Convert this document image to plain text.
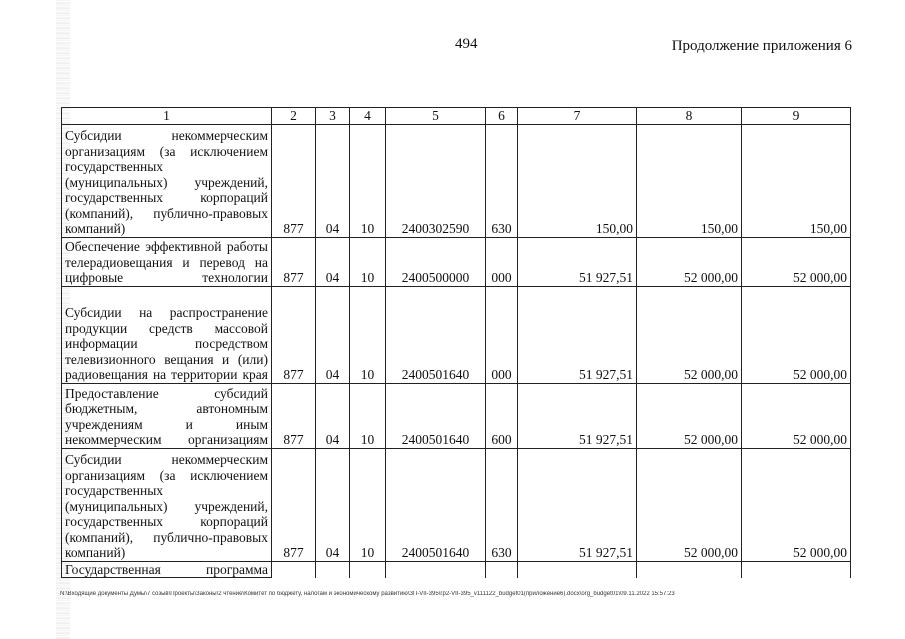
494	Продолжение приложения 6
1	2	3	4	5	6	7	8	9
Субсидии некоммерческим организациям (за исключением государственных (муниципальных) учреждений, государственных корпораций (компаний), публично-правовых компаний)	877	04	10	2400302590	630	150,00	150,00	150,00
Обеспечение эффективной работы телерадиовещания и перевод на цифровые технологии	877	04	10	2400500000	000	51 927,51	52 000,00	52 000,00
Субсидии на распространение продукции средств массовой информации посредством телевизионного вещания и (или) радиовещания на территории края	877	04	10	2400501640	000	51 927,51	52 000,00	52 000,00
Предоставление субсидий бюджетным, автономным учреждениям и иным некоммерческим организациям	877	04	10	2400501640	600	51 927,51	52 000,00	52 000,00
Субсидии некоммерческим организациям (за исключением государственных (муниципальных) учреждений, государственных корпораций (компаний), публично-правовых компаний)	877	04	10	2400501640	630	51 927,51	52 000,00	52 000,00
Государственная программа								
N:\Входящие документы Думы\7 созыв\Проекты\Законы\2 чтение\Комитет по бюджету, налогам и экономическому развитию\ЗП-VII-395\гр2-VII-395_v111122_budget01(приложение6).docx\org_budget01\09.11.2022 15:57:23
